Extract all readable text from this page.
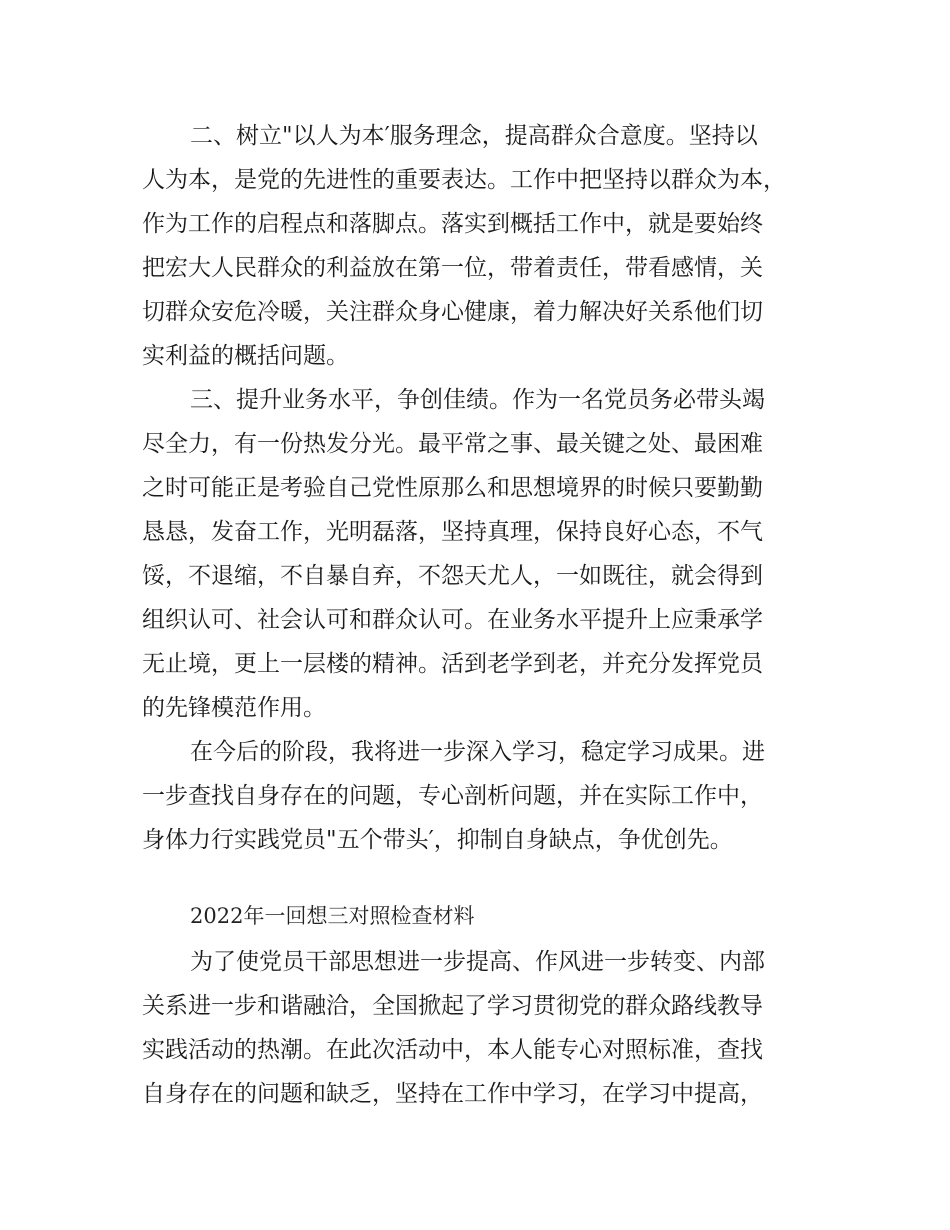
二、树立"以人为本′服务理念，提高群众合意度。坚持以
人为本，是党的先进性的重要表达。工作中把坚持以群众为本，
作为工作的启程点和落脚点。落实到概括工作中，就是要始终
把宏大人民群众的利益放在第一位，带着责任，带看感情，关
切群众安危冷暖，关注群众身心健康，着力解决好关系他们切
实利益的概括问题。
三、提升业务水平，争创佳绩。作为一名党员务必带头竭
尽全力，有一份热发分光。最平常之事、最关键之处、最困难
之时可能正是考验自己党性原那么和思想境界的时候只要勤勤
恳恳，发奋工作，光明磊落，坚持真理，保持良好心态，不气
馁，不退缩，不自暴自弃，不怨天尤人，一如既往，就会得到
组织认可、社会认可和群众认可。在业务水平提升上应秉承学
无止境，更上一层楼的精神。活到老学到老，并充分发挥党员
的先锋模范作用。
在今后的阶段，我将进一步深入学习，稳定学习成果。进
一步查找自身存在的问题，专心剖析问题，并在实际工作中，
身体力行实践党员"五个带头′，抑制自身缺点，争优创先。
2022年一回想三对照检查材料
为了使党员干部思想进一步提高、作风进一步转变、内部
关系进一步和谐融洽，全国掀起了学习贯彻党的群众路线教导
实践活动的热潮。在此次活动中，本人能专心对照标准，查找
自身存在的问题和缺乏，坚持在工作中学习，在学习中提高，
